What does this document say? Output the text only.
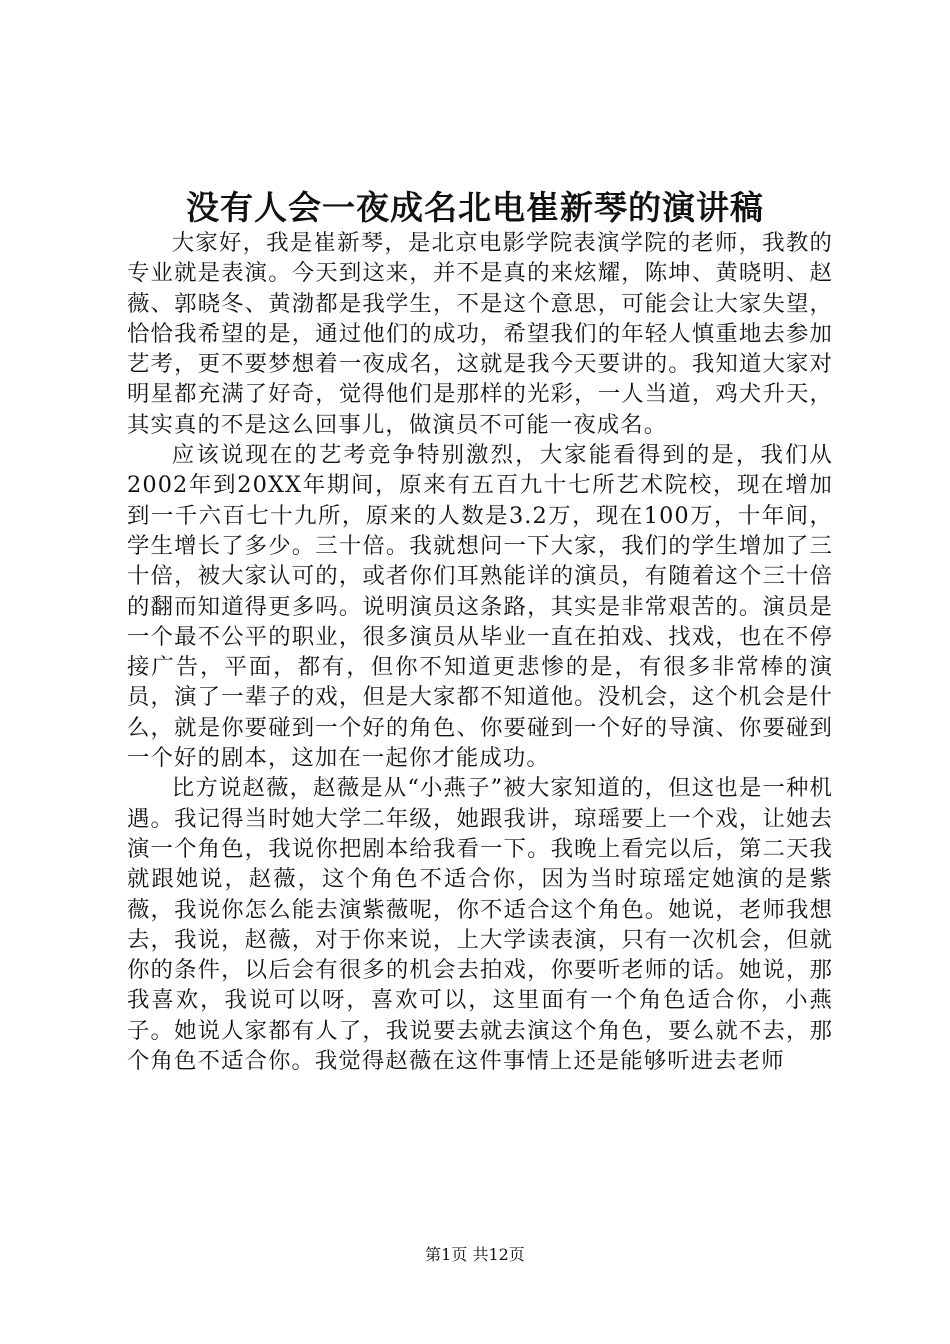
没有人会一夜成名北电崔新琴的演讲稿

大家好，我是崔新琴，是北京电影学院表演学院的老师，我教的专业就是表演。今天到这来，并不是真的来炫耀，陈坤、黄晓明、赵薇、郭晓冬、黄渤都是我学生，不是这个意思，可能会让大家失望，恰恰我希望的是，通过他们的成功，希望我们的年轻人慎重地去参加艺考，更不要梦想着一夜成名，这就是我今天要讲的。我知道大家对明星都充满了好奇，觉得他们是那样的光彩，一人当道，鸡犬升天，其实真的不是这么回事儿，做演员不可能一夜成名。

应该说现在的艺考竞争特别激烈，大家能看得到的是，我们从2002年到20XX年期间，原来有五百九十七所艺术院校，现在增加到一千六百七十九所，原来的人数是3.2万，现在100万，十年间，学生增长了多少。三十倍。我就想问一下大家，我们的学生增加了三十倍，被大家认可的，或者你们耳熟能详的演员，有随着这个三十倍的翻而知道得更多吗。说明演员这条路，其实是非常艰苦的。演员是一个最不公平的职业，很多演员从毕业一直在拍戏、找戏，也在不停接广告，平面，都有，但你不知道更悲惨的是，有很多非常棒的演员，演了一辈子的戏，但是大家都不知道他。没机会，这个机会是什么，就是你要碰到一个好的角色、你要碰到一个好的导演、你要碰到一个好的剧本，这加在一起你才能成功。

比方说赵薇，赵薇是从“小燕子”被大家知道的，但这也是一种机遇。我记得当时她大学二年级，她跟我讲，琼瑶要上一个戏，让她去演一个角色，我说你把剧本给我看一下。我晚上看完以后，第二天我就跟她说，赵薇，这个角色不适合你，因为当时琼瑶定她演的是紫薇，我说你怎么能去演紫薇呢，你不适合这个角色。她说，老师我想去，我说，赵薇，对于你来说，上大学读表演，只有一次机会，但就你的条件，以后会有很多的机会去拍戏，你要听老师的话。她说，那我喜欢，我说可以呀，喜欢可以，这里面有一个角色适合你，小燕子。她说人家都有人了，我说要去就去演这个角色，要么就不去，那个角色不适合你。我觉得赵薇在这件事情上还是能够听进去老师

第1页 共12页
